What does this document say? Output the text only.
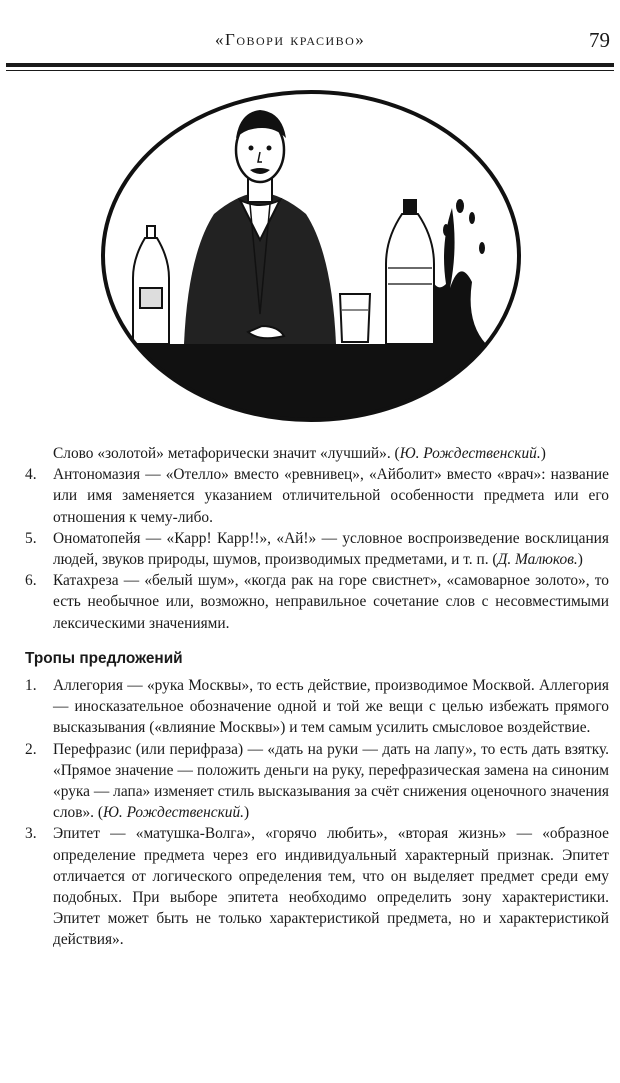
«Говори красиво»	79

Слово «золотой» метафорически значит «лучший». (Ю. Рождественский.)

4. Антономазия — «Отелло» вместо «ревнивец», «Айболит» вместо «врач»: название или имя заменяется указанием отличительной особенности предмета или его отношения к чему-либо.
5. Ономатопейя — «Карр! Карр!!», «Ай!» — условное воспроизведение восклицания людей, звуков природы, шумов, производимых предметами, и т. п. (Д. Малюков.)
6. Катахреза — «белый шум», «когда рак на горе свистнет», «самоварное золото», то есть необычное или, возможно, неправильное сочетание слов с несовместимыми лексическими значениями.
Тропы предложений
1. Аллегория — «рука Москвы», то есть действие, производимое Москвой. Аллегория — иносказательное обозначение одной и той же вещи с целью избежать прямого высказывания («влияние Москвы») и тем самым усилить смысловое воздействие.
2. Перефразис (или перифраза) — «дать на руки — дать на лапу», то есть дать взятку. «Прямое значение — положить деньги на руку, перефразическая замена на синоним «рука — лапа» изменяет стиль высказывания за счёт снижения оценочного значения слов». (Ю. Рождественский.)
3. Эпитет — «матушка-Волга», «горячо любить», «вторая жизнь» — «образное определение предмета через его индивидуальный характерный признак. Эпитет отличается от логического определения тем, что он выделяет предмет среди ему подобных. При выборе эпитета необходимо определить зону характеристики. Эпитет может быть не только характеристикой предмета, но и характеристикой действия».
